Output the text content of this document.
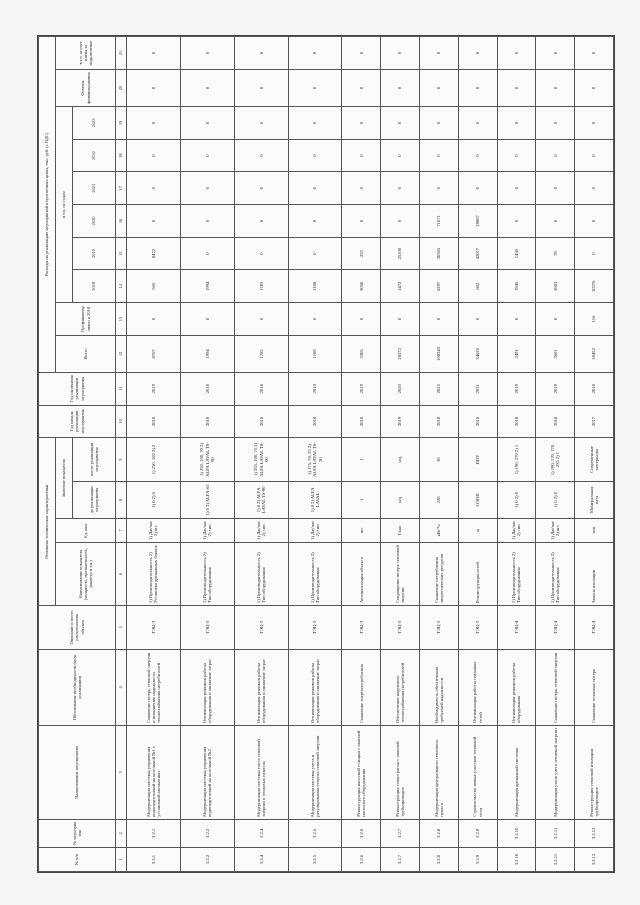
№ п/п	№ мероприя тия	Наименование мероприятия	Обоснование необходимости (цель реализации)	Описание и место расположения объекта	Основные технические характеристики				Год начала реализации мероприятия	Год окончания реализации мероприятия	Расходы на реализацию мероприятий в прогнозных ценах, тыс. руб. (с НДС)									
					Наименование показателя (мощность, протяженность, диаметр и т.п.)	Ед. изм.	Значение показателя				Всего	Профинансировано к 2018	в т.ч. по годам						Остаток финансирования	в т.ч. за счет платы за подключение
							до реализации мероприятия	после реализации мероприятия					2018	2019	2020	2021	2022	2023		
1	2	3	4	5	6	7	8	9	10	11	12	13	14	15	16	17	18	19	20	21
3.2.1	3.2.1	Модернизация системы управления водоподготовкой на котельной №1 с установкой автоматики	Снижение потерь тепловой энергии и повышение надежности теплоснабжения потребителей	ТЭЦ-3	1) Производительность 2) Установка дренажных блоков	1) Дж/час 2) шт.	1) 0 2) 0	1) 250, 160 2) 2	2018	2019	8767	0	565	8422	0	0	0	0	0	0
3.2.2	3.2.2	Модернизация системы управления водоподготовкой на котельной №2	Оптимизация режимов работы оборудования и снижение затрат	ТЭЦ-3	1) Производительность 2) Тип оборудования	1) Дж/час 2) тип	1) 0 2) ALFA-65	1) 250, 100, 70 2) ALFA LAVAL TS-90	2018	2018	1994	0	1994	0	0	0	0	0	0	0
3.2.4	3.2.4	Модернизация системы учета тепловой энергии в тепловых пунктах	Оптимизация режимов работы оборудования и снижение затрат	ТЭЦ-3	1) Производительность 2) Тип оборудования	1) Дж/час 2) тип	1) 0 2) ALFA LAVAL TS-90	1) 255, 100, 75 2) ALFA LAVAL TS-90	2018	2018	1783	0	1783	0	0	0	0	0	0	0
3.2.5	3.2.5	Модернизация системы учета и регулирования отпуска тепловой энергии	Оптимизация режимов работы оборудования и снижение затрат	ТЭЦ-3	1) Производительность 2) Тип оборудования	1) Дж/час 2) тип	1) 0 2) ALFA LAVAL	1) 175, 70, 25 2) ALFA LAVAL TS-20	2018	2018	1108	0	1108	0	0	0	0	0	0	0
3.2.6	3.2.6	Реконструкция насосной станции с заменой насосного оборудования	Снижение энергопотребления	ТЭЦ-3	Автоматизация объекта	шт	1	1	2018	2019	3305	0	3050	255	0	0	0	0	0	0
3.2.7	3.2.7	Реконструкция теплотрассы с заменой трубопроводов	Обеспечение надежного теплоснабжения потребителей	ТЭЦ-3	Сокращение потерь тепловой энергии	Гкал	н/д	н/д	2019	2020	26572	0	1472	25100	0	0	0	0	0	0
3.2.8	3.2.8	Модернизация центрального теплового пункта	Необходимость обеспечения требуемой надежности	ТЭЦ-3	Снижение потребления энергетических ресурсов	кВт*ч	228	30	2018	2022	108243	0	6297	30565	71071	0	0	0	0	0
3.2.9	3.2.9	Строительство новых участков тепловой сети	Оптимизация работы тепловых сетей	ТЭЦ-3	Реконструкция сетей	м	ОЭОП	ППУ	2018	2021	34626	0	682	42077	18887	0	0	0	0	0
3.2.10	3.2.10	Модернизация дренажной системы	Оптимизация режимов работы оборудования	ТЭЦ-4	1) Производительность 2) Тип оборудования	1) Дж/час 2) тип	1) 0 2) 0	1) 190, 270 2) 1	2018	2019	2491	0	1945	1430	0	0	0	0	0	0
3.2.11	3.2.11	Модернизация узлов учета тепловой энергии	Снижение потерь тепловой энергии	ТЭЦ-4	1) Производительность 2) Тип оборудования	1) Дж/час 2) шт.	1) 0 2) 0	1) 190, 170, 170, 255 2) 1	2018	2019	3601	0	3603	78	0	0	0	0	0	0
3.2.12	3.2.12	Реконструкция тепловой изоляции трубопроводов	Снижение тепловых потерь	ТЭЦ-4	Замена изоляции	тип	Минеральная вата	Современные материалы	2017	2018	10452	116	10376	0	0	0	0	0	0	0
